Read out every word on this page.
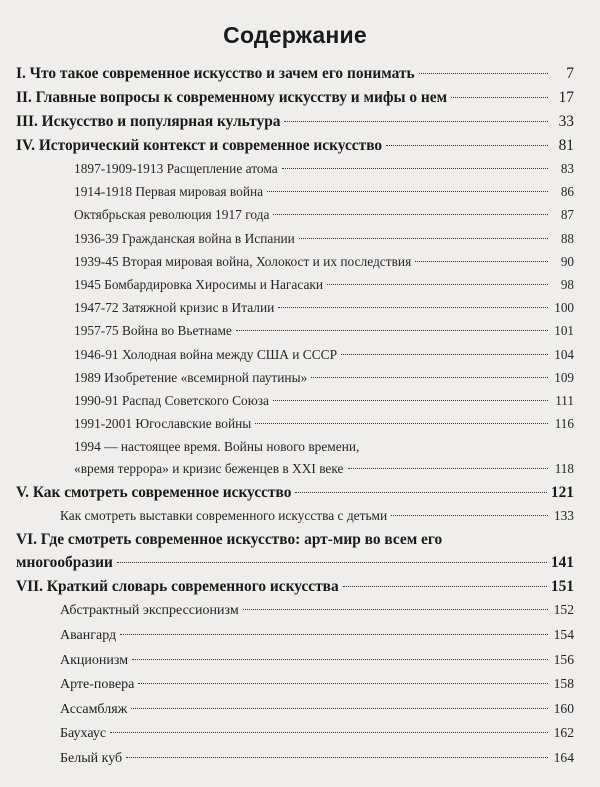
Содержание
I. Что такое современное искусство и зачем его понимать	7
II. Главные вопросы к современному искусству и мифы о нем	17
III. Искусство и популярная культура	33
IV. Исторический контекст и современное искусство	81
1897-1909-1913 Расщепление атома	83
1914-1918 Первая мировая война	86
Октябрьская революция 1917 года	87
1936-39 Гражданская война в Испании	88
1939-45 Вторая мировая война, Холокост и их последствия	90
1945 Бомбардировка Хиросимы и Нагасаки	98
1947-72 Затяжной кризис в Италии	100
1957-75 Война во Вьетнаме	101
1946-91 Холодная война между США и СССР	104
1989 Изобретение «всемирной паутины»	109
1990-91 Распад Советского Союза	111
1991-2001 Югославские войны	116
1994 — настоящее время. Войны нового времени,
«время террора» и кризис беженцев в XXI веке	118
V. Как смотреть современное искусство	121
Как смотреть выставки современного искусства с детьми	133
VI. Где смотреть современное искусство: арт-мир во всем его
многообразии	141
VII. Краткий словарь современного искусства	151
Абстрактный экспрессионизм	152
Авангард	154
Акционизм	156
Арте-повера	158
Ассамбляж	160
Баухаус	162
Белый куб	164
